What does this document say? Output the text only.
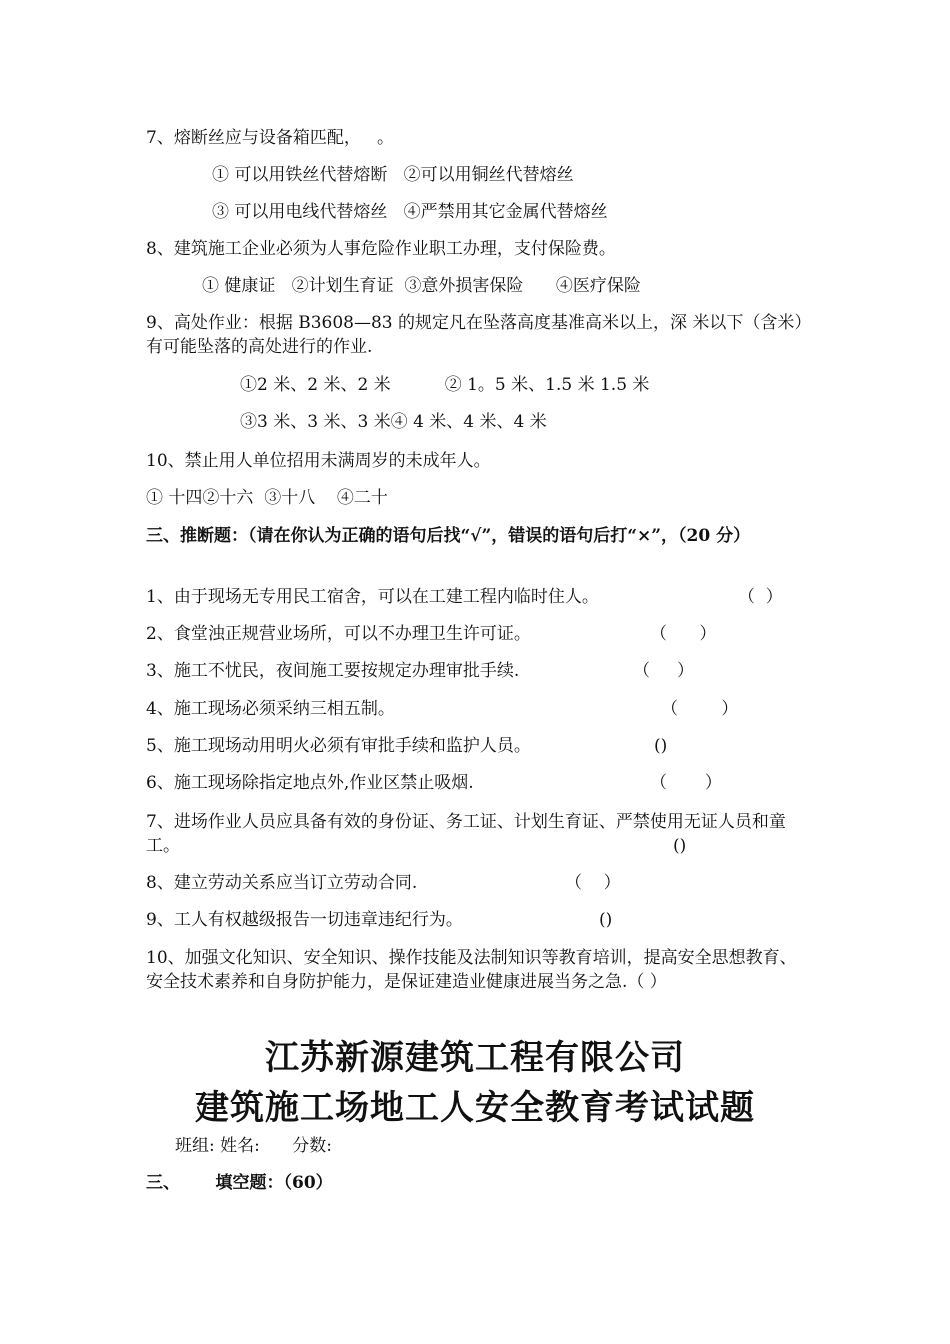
7、熔断丝应与设备箱匹配，   。
① 可以用铁丝代替熔断   ②可以用铜丝代替熔丝
③ 可以用电线代替熔丝   ④严禁用其它金属代替熔丝
8、建筑施工企业必须为人事危险作业职工办理，支付保险费。
① 健康证   ②计划生育证  ③意外损害保险      ④医疗保险
9、高处作业：根据 B3608—83 的规定凡在坠落高度基准高米以上，深 米以下（含米）有可能坠落的高处进行的作业.
①2 米、2 米、2 米          ② 1。5 米、1.5 米 1.5 米
③3 米、3 米、3 米④ 4 米、4 米、4 米
10、禁止用人单位招用未满周岁的未成年人。
① 十四②十六  ③十八    ④二十
三、推断题：（请在你认为正确的语句后找“√”，错误的语句后打“×”，（20 分）
1、由于现场无专用民工宿舍，可以在工建工程内临时住人。	（  ）
2、食堂浊正规营业场所，可以不办理卫生许可证。	（      ）
3、施工不忧民，夜间施工要按规定办理审批手续.	（     ）
4、施工现场必须采纳三相五制。	（        ）
5、施工现场动用明火必须有审批手续和监护人员。	()
6、施工现场除指定地点外,作业区禁止吸烟.	（       ）
7、进场作业人员应具备有效的身份证、务工证、计划生育证、严禁使用无证人员和童工。	()
8、建立劳动关系应当订立劳动合同.	（    ）
9、工人有权越级报告一切违章违纪行为。	()
10、加强文化知识、安全知识、操作技能及法制知识等教育培训，提高安全思想教育、安全技术素养和自身防护能力，是保证建造业健康进展当务之急.（ ）
江苏新源建筑工程有限公司
建筑施工场地工人安全教育考试试题
班组: 姓名:      分数:
三、      填空题：（60）
